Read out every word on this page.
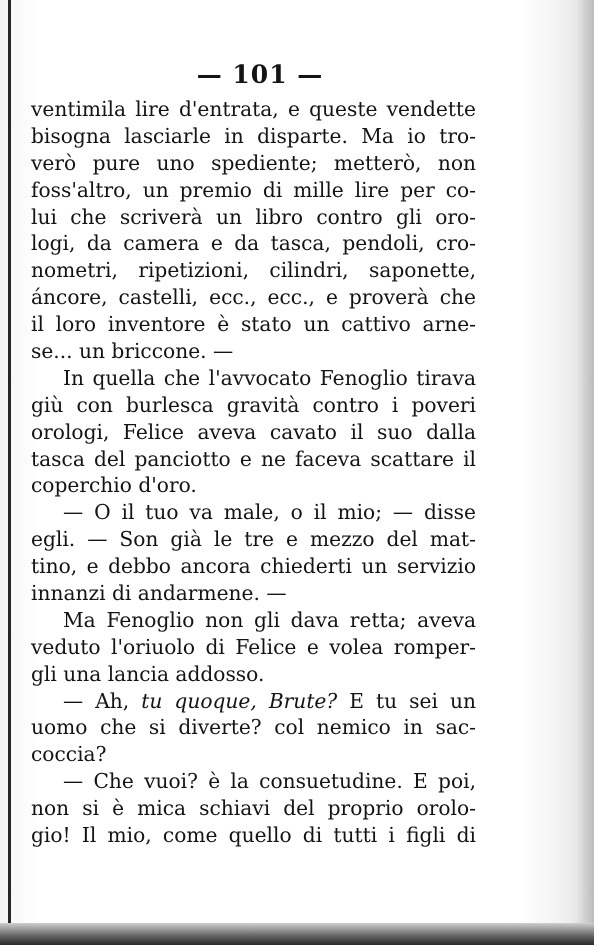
— 101 —
ventimila lire d'entrata, e queste vendette
bisogna lasciarle in disparte. Ma io tro-
verò pure uno spediente; metterò, non
foss'altro, un premio di mille lire per co-
lui che scriverà un libro contro gli oro-
logi, da camera e da tasca, pendoli, cro-
nometri, ripetizioni, cilindri, saponette,
áncore, castelli, ecc., ecc., e proverà che
il loro inventore è stato un cattivo arne-
se... un briccone. —
In quella che l'avvocato Fenoglio tirava
giù con burlesca gravità contro i poveri
orologi, Felice aveva cavato il suo dalla
tasca del panciotto e ne faceva scattare il
coperchio d'oro.
— O il tuo va male, o il mio; — disse
egli. — Son già le tre e mezzo del mat-
tino, e debbo ancora chiederti un servizio
innanzi di andarmene. —
Ma Fenoglio non gli dava retta; aveva
veduto l'oriuolo di Felice e volea romper-
gli una lancia addosso.
— Ah, tu quoque, Brute? E tu sei un
uomo che si diverte? col nemico in sac-
coccia?
— Che vuoi? è la consuetudine. E poi,
non si è mica schiavi del proprio orolo-
gio! Il mio, come quello di tutti i figli di
